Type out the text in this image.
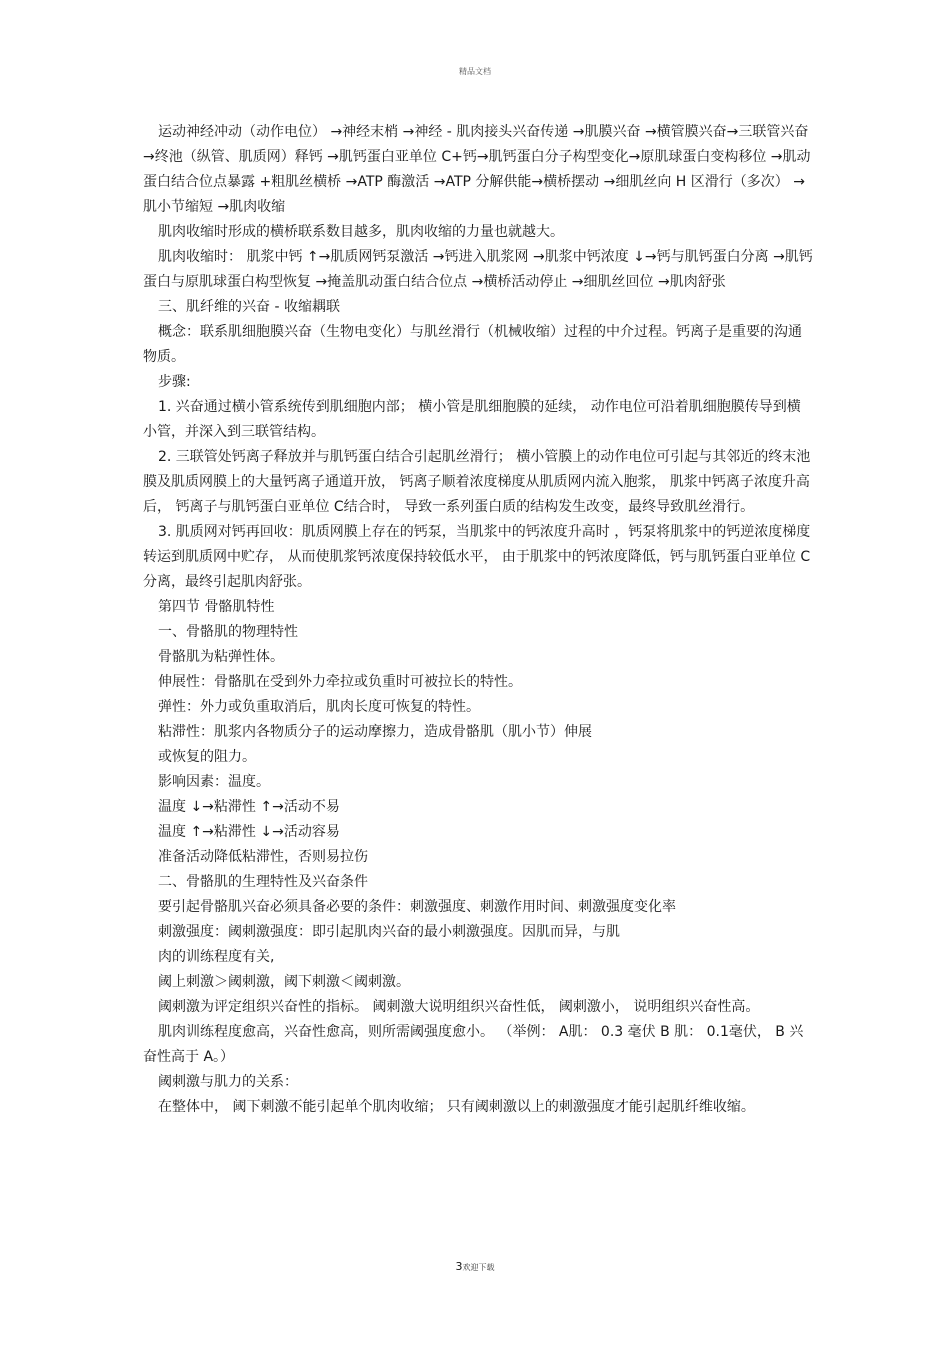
精品文档

运动神经冲动（动作电位） →神经末梢 →神经 - 肌肉接头兴奋传递 →肌膜兴奋 →横管膜兴奋→三联管兴奋 →终池（纵管、肌质网）释钙 →肌钙蛋白亚单位 C+钙→肌钙蛋白分子构型变化→原肌球蛋白变构移位 →肌动蛋白结合位点暴露 +粗肌丝横桥 →ATP 酶激活 →ATP 分解供能→横桥摆动 →细肌丝向 H 区滑行（多次） →肌小节缩短 →肌肉收缩

肌肉收缩时形成的横桥联系数目越多，肌肉收缩的力量也就越大。

肌肉收缩时： 肌浆中钙 ↑→肌质网钙泵激活 →钙进入肌浆网 →肌浆中钙浓度 ↓→钙与肌钙蛋白分离 →肌钙蛋白与原肌球蛋白构型恢复 →掩盖肌动蛋白结合位点 →横桥活动停止 →细肌丝回位 →肌肉舒张

三、肌纤维的兴奋 - 收缩耦联

概念：联系肌细胞膜兴奋（生物电变化）与肌丝滑行（机械收缩）过程的中介过程。钙离子是重要的沟通物质。

步骤:

1. 兴奋通过横小管系统传到肌细胞内部； 横小管是肌细胞膜的延续， 动作电位可沿着肌细胞膜传导到横小管，并深入到三联管结构。

2. 三联管处钙离子释放并与肌钙蛋白结合引起肌丝滑行； 横小管膜上的动作电位可引起与其邻近的终末池膜及肌质网膜上的大量钙离子通道开放， 钙离子顺着浓度梯度从肌质网内流入胞浆， 肌浆中钙离子浓度升高后， 钙离子与肌钙蛋白亚单位 C结合时， 导致一系列蛋白质的结构发生改变，最终导致肌丝滑行。

3. 肌质网对钙再回收：肌质网膜上存在的钙泵，当肌浆中的钙浓度升高时 ，钙泵将肌浆中的钙逆浓度梯度转运到肌质网中贮存， 从而使肌浆钙浓度保持较低水平， 由于肌浆中的钙浓度降低，钙与肌钙蛋白亚单位 C分离，最终引起肌肉舒张。

第四节 骨骼肌特性

一、骨骼肌的物理特性

骨骼肌为粘弹性体。

伸展性：骨骼肌在受到外力牵拉或负重时可被拉长的特性。

弹性：外力或负重取消后，肌肉长度可恢复的特性。

粘滞性：肌浆内各物质分子的运动摩擦力，造成骨骼肌（肌小节）伸展

或恢复的阻力。

影响因素：温度。

温度 ↓→粘滞性 ↑→活动不易

温度 ↑→粘滞性 ↓→活动容易

准备活动降低粘滞性，否则易拉伤

二、骨骼肌的生理特性及兴奋条件

要引起骨骼肌兴奋必须具备必要的条件：刺激强度、刺激作用时间、刺激强度变化率

刺激强度：阈刺激强度：即引起肌肉兴奋的最小刺激强度。因肌而异，与肌

肉的训练程度有关,

阈上刺激＞阈刺激，阈下刺激＜阈刺激。

阈刺激为评定组织兴奋性的指标。 阈刺激大说明组织兴奋性低， 阈刺激小， 说明组织兴奋性高。

肌肉训练程度愈高，兴奋性愈高，则所需阈强度愈小。 （举例： A肌： 0.3 毫伏 B 肌： 0.1毫伏， B 兴奋性高于 A。）

阈刺激与肌力的关系：

在整体中， 阈下刺激不能引起单个肌肉收缩； 只有阈刺激以上的刺激强度才能引起肌纤维收缩。

3欢迎下载
